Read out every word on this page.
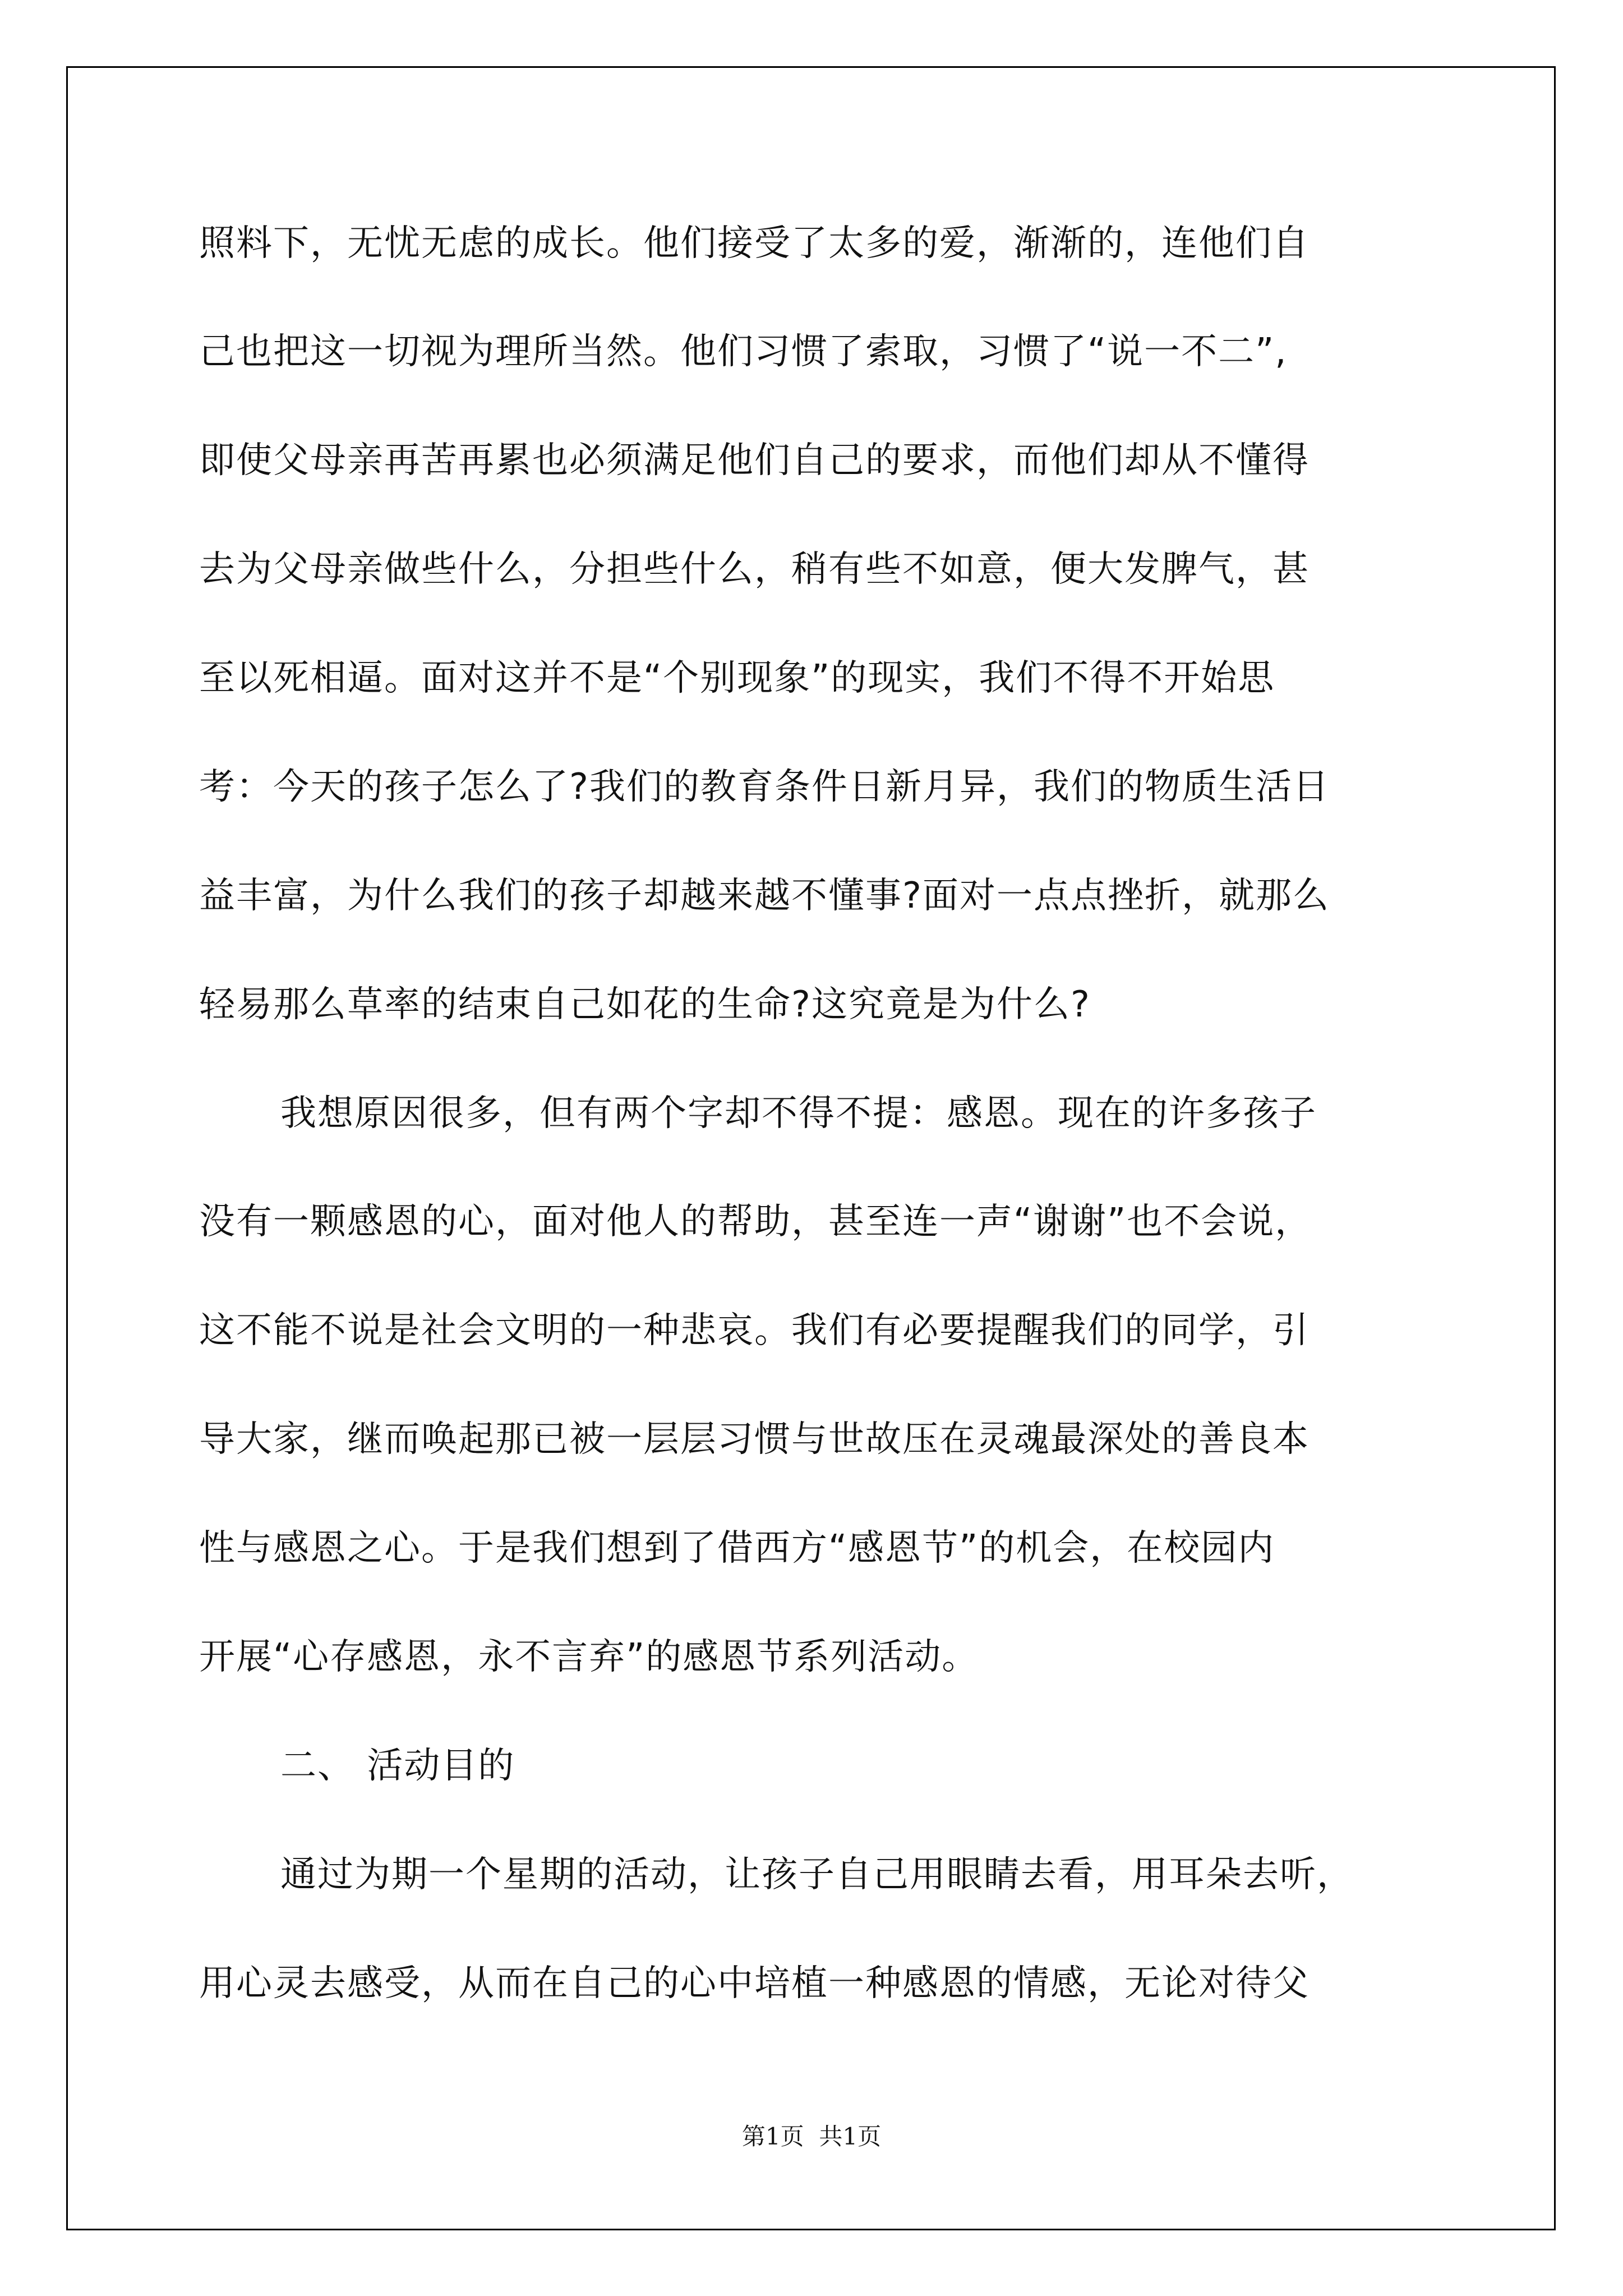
照料下，无忧无虑的成长。他们接受了太多的爱，渐渐的，连他们自
己也把这一切视为理所当然。他们习惯了索取，习惯了“说一不二”,
即使父母亲再苦再累也必须满足他们自己的要求，而他们却从不懂得
去为父母亲做些什么，分担些什么，稍有些不如意，便大发脾气，甚
至以死相逼。面对这并不是“个别现象”的现实，我们不得不开始思
考：今天的孩子怎么了?我们的教育条件日新月异，我们的物质生活日
益丰富，为什么我们的孩子却越来越不懂事?面对一点点挫折，就那么
轻易那么草率的结束自己如花的生命?这究竟是为什么?
我想原因很多，但有两个字却不得不提：感恩。现在的许多孩子
没有一颗感恩的心，面对他人的帮助，甚至连一声“谢谢”也不会说，
这不能不说是社会文明的一种悲哀。我们有必要提醒我们的同学，引
导大家，继而唤起那已被一层层习惯与世故压在灵魂最深处的善良本
性与感恩之心。于是我们想到了借西方“感恩节”的机会，在校园内
开展“心存感恩，永不言弃”的感恩节系列活动。
二、 活动目的
通过为期一个星期的活动，让孩子自己用眼睛去看，用耳朵去听，
用心灵去感受，从而在自己的心中培植一种感恩的情感，无论对待父
第1页  共1页
